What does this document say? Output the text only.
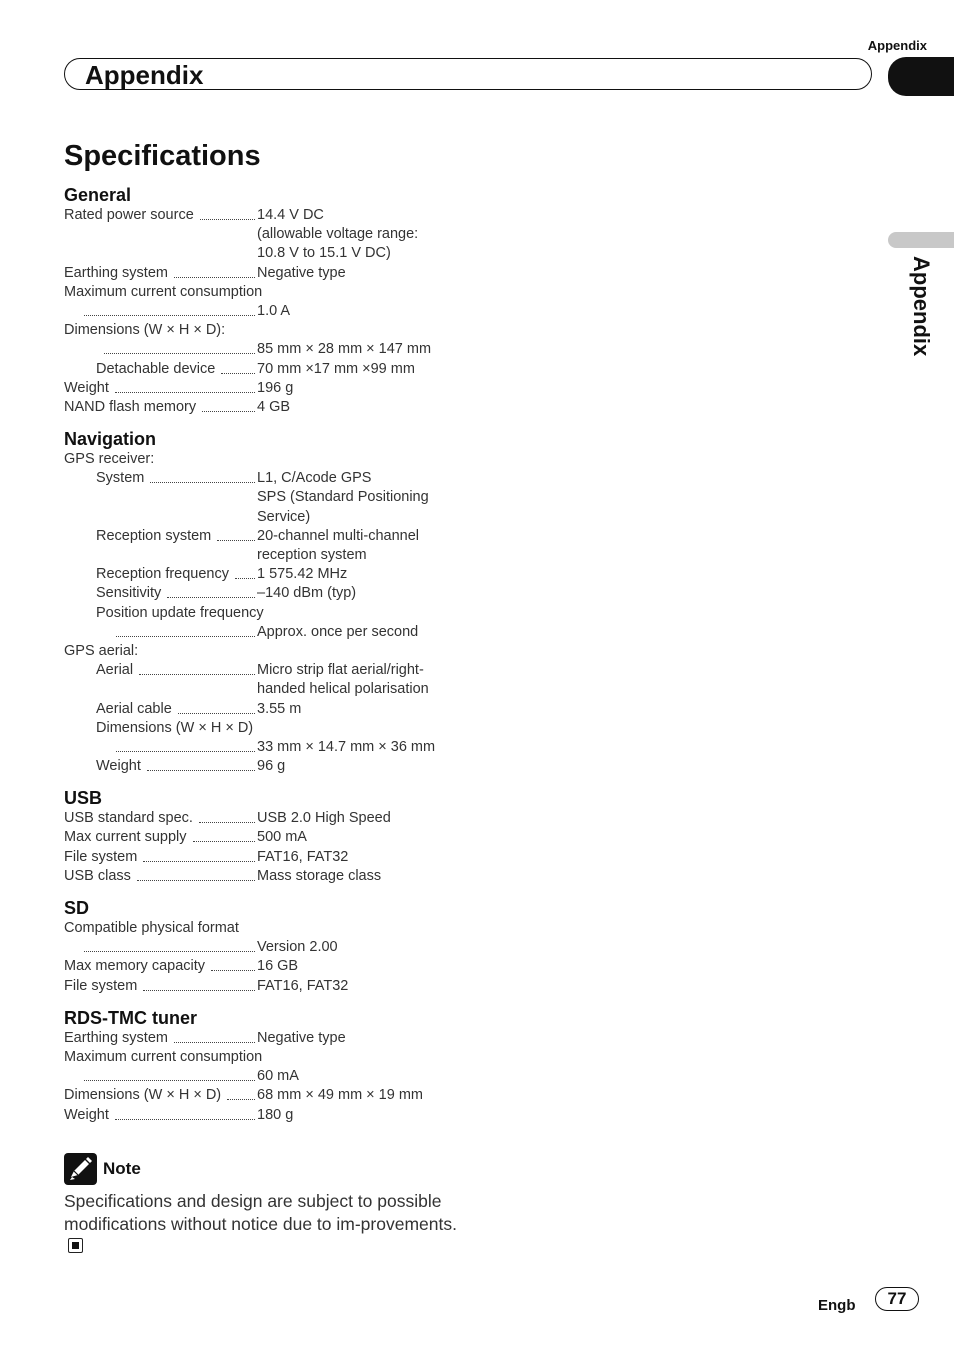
Appendix
Appendix
Appendix
Specifications
General
Rated power source	14.4 V DC
(allowable voltage range:
10.8 V to 15.1 V DC)
Earthing system	Negative type
Maximum current consumption
1.0 A
Dimensions (W × H × D):
85 mm × 28 mm × 147 mm
Detachable device	70 mm ×17 mm ×99 mm
Weight	196 g
NAND flash memory	4 GB
Navigation
GPS receiver:
System	L1, C/Acode GPS
SPS (Standard Positioning
Service)
Reception system	20-channel multi-channel
reception system
Reception frequency 1 575.42 MHz
Sensitivity	–140 dBm (typ)
Position update frequency
Approx. once per second
GPS aerial:
Aerial	Micro strip flat aerial/right-
handed helical polarisation
Aerial cable	3.55 m
Dimensions (W × H × D)
33 mm × 14.7 mm × 36 mm
Weight	96 g
USB
USB standard spec.	USB 2.0 High Speed
Max current supply	500 mA
File system	FAT16, FAT32
USB class	Mass storage class
SD
Compatible physical format
Version 2.00
Max memory capacity	16 GB
File system	FAT16, FAT32
RDS-TMC tuner
Earthing system	Negative type
Maximum current consumption
60 mA
Dimensions (W × H × D) 68 mm × 49 mm × 19 mm
Weight	180 g
Note
Specifications and design are subject to possible modifications without notice due to im-provements.
Engb	77
